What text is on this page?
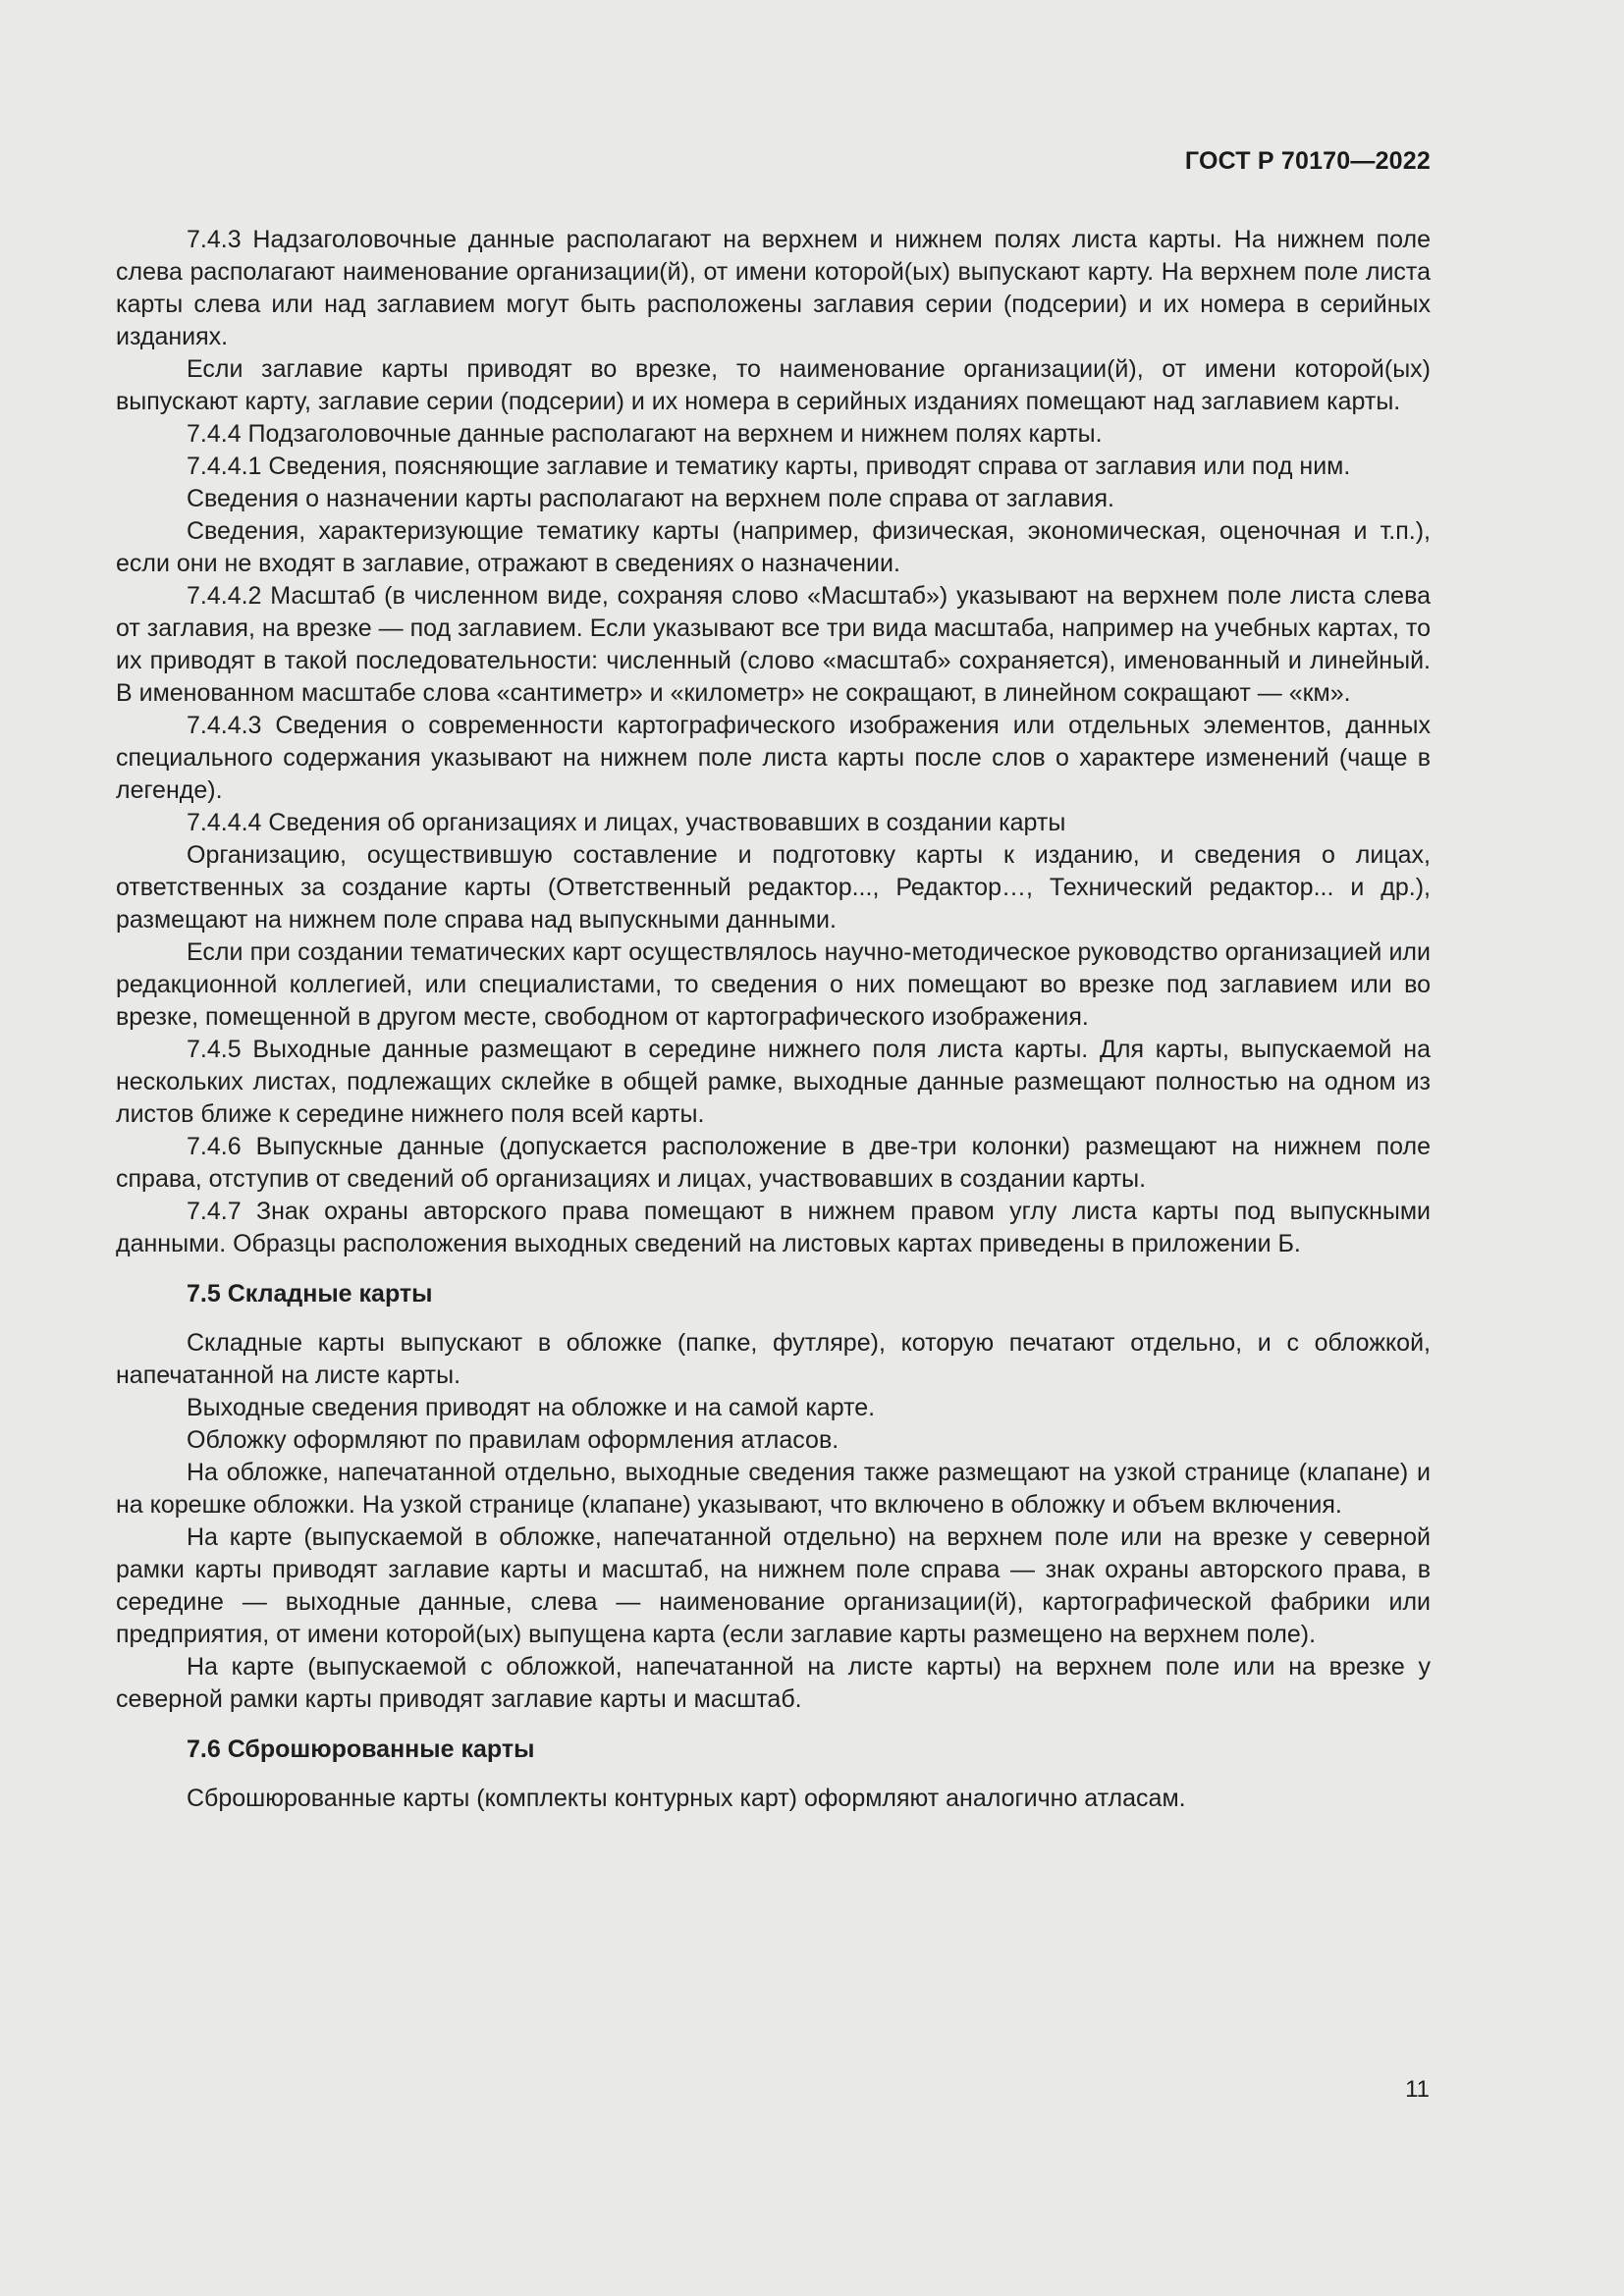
ГОСТ Р 70170—2022

7.4.3 Надзаголовочные данные располагают на верхнем и нижнем полях листа карты. На нижнем поле слева располагают наименование организации(й), от имени которой(ых) выпускают карту. На верхнем поле листа карты слева или над заглавием могут быть расположены заглавия серии (подсерии) и их номера в серийных изданиях.

Если заглавие карты приводят во врезке, то наименование организации(й), от имени которой(ых) выпускают карту, заглавие серии (подсерии) и их номера в серийных изданиях помещают над заглавием карты.

7.4.4 Подзаголовочные данные располагают на верхнем и нижнем полях карты.

7.4.4.1 Сведения, поясняющие заглавие и тематику карты, приводят справа от заглавия или под ним.

Сведения о назначении карты располагают на верхнем поле справа от заглавия.

Сведения, характеризующие тематику карты (например, физическая, экономическая, оценочная и т.п.), если они не входят в заглавие, отражают в сведениях о назначении.

7.4.4.2 Масштаб (в численном виде, сохраняя слово «Масштаб») указывают на верхнем поле листа слева от заглавия, на врезке — под заглавием. Если указывают все три вида масштаба, например на учебных картах, то их приводят в такой последовательности: численный (слово «масштаб» сохраняется), именованный и линейный. В именованном масштабе слова «сантиметр» и «километр» не сокращают, в линейном сокращают — «км».

7.4.4.3 Сведения о современности картографического изображения или отдельных элементов, данных специального содержания указывают на нижнем поле листа карты после слов о характере изменений (чаще в легенде).

7.4.4.4 Сведения об организациях и лицах, участвовавших в создании карты

Организацию, осуществившую составление и подготовку карты к изданию, и сведения о лицах, ответственных за создание карты (Ответственный редактор..., Редактор…, Технический редактор... и др.), размещают на нижнем поле справа над выпускными данными.

Если при создании тематических карт осуществлялось научно-методическое руководство организацией или редакционной коллегией, или специалистами, то сведения о них помещают во врезке под заглавием или во врезке, помещенной в другом месте, свободном от картографического изображения.

7.4.5 Выходные данные размещают в середине нижнего поля листа карты. Для карты, выпускаемой на нескольких листах, подлежащих склейке в общей рамке, выходные данные размещают полностью на одном из листов ближе к середине нижнего поля всей карты.

7.4.6 Выпускные данные (допускается расположение в две-три колонки) размещают на нижнем поле справа, отступив от сведений об организациях и лицах, участвовавших в создании карты.

7.4.7 Знак охраны авторского права помещают в нижнем правом углу листа карты под выпускными данными. Образцы расположения выходных сведений на листовых картах приведены в приложении Б.

7.5 Складные карты

Складные карты выпускают в обложке (папке, футляре), которую печатают отдельно, и с обложкой, напечатанной на листе карты.

Выходные сведения приводят на обложке и на самой карте.

Обложку оформляют по правилам оформления атласов.

На обложке, напечатанной отдельно, выходные сведения также размещают на узкой странице (клапане) и на корешке обложки. На узкой странице (клапане) указывают, что включено в обложку и объем включения.

На карте (выпускаемой в обложке, напечатанной отдельно) на верхнем поле или на врезке у северной рамки карты приводят заглавие карты и масштаб, на нижнем поле справа — знак охраны авторского права, в середине — выходные данные, слева — наименование организации(й), картографической фабрики или предприятия, от имени которой(ых) выпущена карта (если заглавие карты размещено на верхнем поле).

На карте (выпускаемой с обложкой, напечатанной на листе карты) на верхнем поле или на врезке у северной рамки карты приводят заглавие карты и масштаб.

7.6 Сброшюрованные карты

Сброшюрованные карты (комплекты контурных карт) оформляют аналогично атласам.

11
